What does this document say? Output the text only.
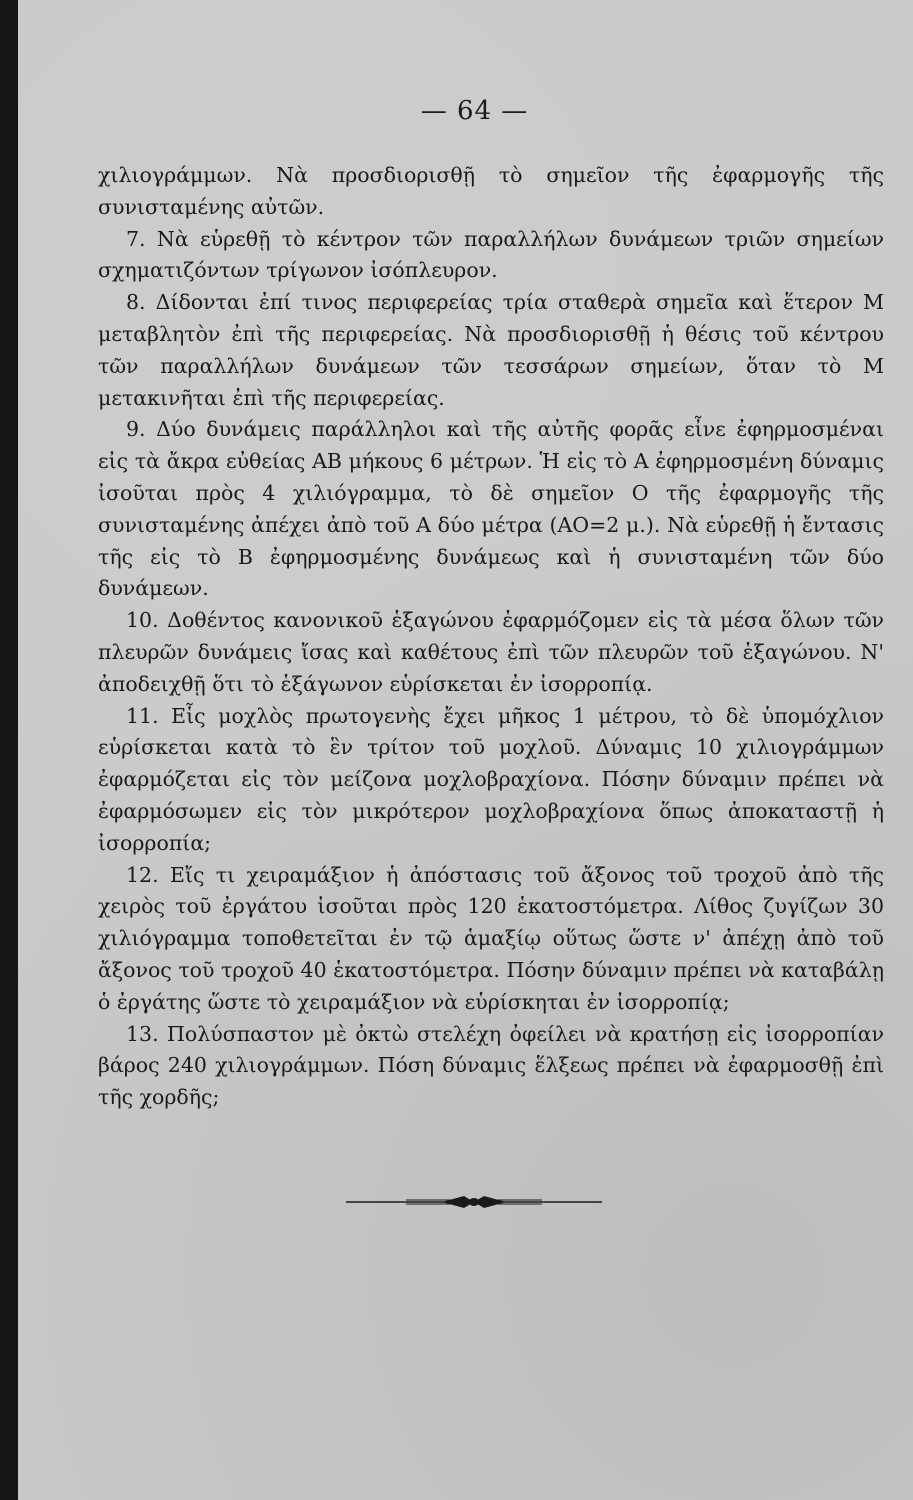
— 64 —

χιλιογράμμων. Νὰ προσδιορισθῇ τὸ σημεῖον τῆς ἐφαρμογῆς τῆς συνισταμένης αὐτῶν.

7. Νὰ εὑρεθῇ τὸ κέντρον τῶν παραλλήλων δυνάμεων τριῶν σημείων σχηματιζόντων τρίγωνον ἰσόπλευρον.

8. Δίδονται ἐπί τινος περιφερείας τρία σταθερὰ σημεῖα καὶ ἕτερον Μ μεταβλητὸν ἐπὶ τῆς περιφερείας. Νὰ προσδιορισθῇ ἡ θέσις τοῦ κέντρου τῶν παραλλήλων δυνάμεων τῶν τεσσάρων σημείων, ὅταν τὸ Μ μετακινῆται ἐπὶ τῆς περιφερείας.

9. Δύο δυνάμεις παράλληλοι καὶ τῆς αὐτῆς φορᾶς εἶνε ἐφηρμοσμέναι εἰς τὰ ἄκρα εὐθείας ΑΒ μήκους 6 μέτρων. Ἡ εἰς τὸ Α ἐφηρμοσμένη δύναμις ἰσοῦται πρὸς 4 χιλιόγραμμα, τὸ δὲ σημεῖον Ο τῆς ἐφαρμογῆς τῆς συνισταμένης ἀπέχει ἀπὸ τοῦ Α δύο μέτρα (ΑΟ=2 μ.). Νὰ εὑρεθῇ ἡ ἔντασις τῆς εἰς τὸ Β ἐφηρμοσμένης δυνάμεως καὶ ἡ συνισταμένη τῶν δύο δυνάμεων.

10. Δοθέντος κανονικοῦ ἑξαγώνου ἐφαρμόζομεν εἰς τὰ μέσα ὅλων τῶν πλευρῶν δυνάμεις ἴσας καὶ καθέτους ἐπὶ τῶν πλευρῶν τοῦ ἑξαγώνου. Ν' ἀποδειχθῇ ὅτι τὸ ἑξάγωνον εὑρίσκεται ἐν ἰσορροπίᾳ.

11. Εἷς μοχλὸς πρωτογενὴς ἔχει μῆκος 1 μέτρου, τὸ δὲ ὑπομόχλιον εὑρίσκεται κατὰ τὸ ἓν τρίτον τοῦ μοχλοῦ. Δύναμις 10 χιλιογράμμων ἐφαρμόζεται εἰς τὸν μείζονα μοχλοβραχίονα. Πόσην δύναμιν πρέπει νὰ ἐφαρμόσωμεν εἰς τὸν μικρότερον μοχλοβραχίονα ὅπως ἀποκαταστῇ ἡ ἰσορροπία;

12. Εἴς τι χειραμάξιον ἡ ἀπόστασις τοῦ ἄξονος τοῦ τροχοῦ ἀπὸ τῆς χειρὸς τοῦ ἐργάτου ἰσοῦται πρὸς 120 ἑκατοστόμετρα. Λίθος ζυγίζων 30 χιλιόγραμμα τοποθετεῖται ἐν τῷ ἁμαξίῳ οὕτως ὥστε ν' ἀπέχῃ ἀπὸ τοῦ ἄξονος τοῦ τροχοῦ 40 ἑκατοστόμετρα. Πόσην δύναμιν πρέπει νὰ καταβάλῃ ὁ ἐργάτης ὥστε τὸ χειραμάξιον νὰ εὑρίσκηται ἐν ἰσορροπίᾳ;

13. Πολύσπαστον μὲ ὀκτὼ στελέχη ὀφείλει νὰ κρατήσῃ εἰς ἰσορροπίαν βάρος 240 χιλιογράμμων. Πόση δύναμις ἕλξεως πρέπει νὰ ἐφαρμοσθῇ ἐπὶ τῆς χορδῆς;
